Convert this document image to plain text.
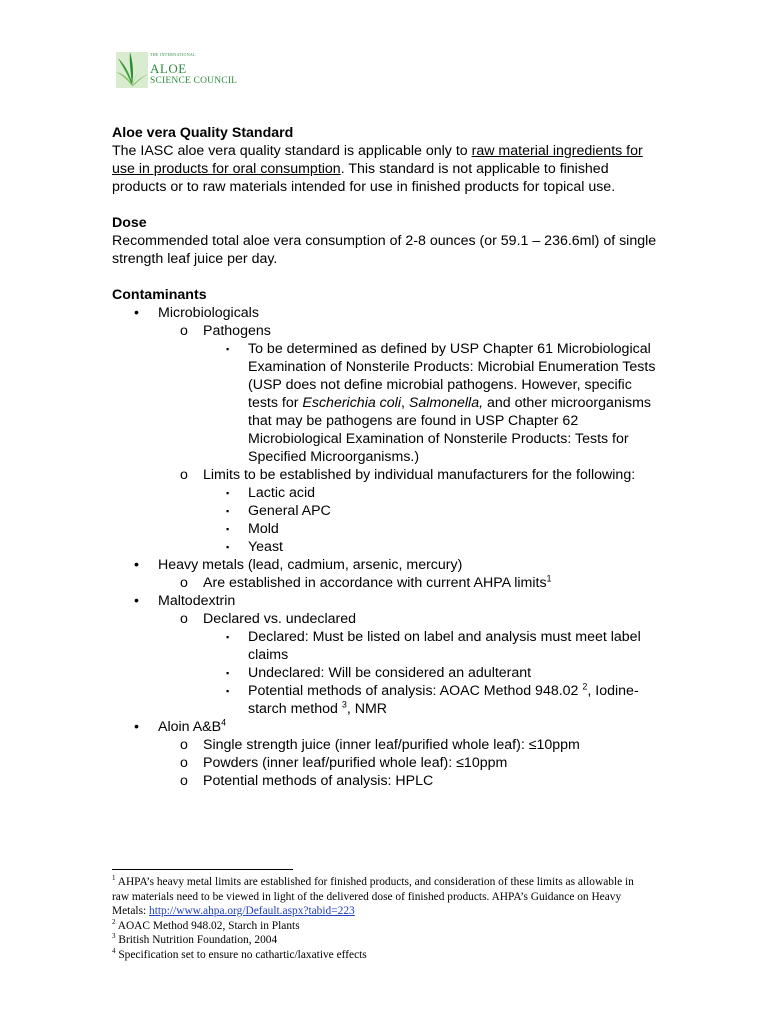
THE INTERNATIONAL
ALOE
SCIENCE COUNCIL

Aloe vera Quality Standard

The IASC aloe vera quality standard is applicable only to raw material ingredients for use in products for oral consumption. This standard is not applicable to finished products or to raw materials intended for use in finished products for topical use.

Dose

Recommended total aloe vera consumption of 2-8 ounces (or 59.1 – 236.6ml) of single strength leaf juice per day.

Contaminants

• Microbiologicals
o Pathogens
▪ To be determined as defined by USP Chapter 61 Microbiological Examination of Nonsterile Products: Microbial Enumeration Tests (USP does not define microbial pathogens. However, specific tests for Escherichia coli, Salmonella, and other microorganisms that may be pathogens are found in USP Chapter 62 Microbiological Examination of Nonsterile Products: Tests for Specified Microorganisms.)
o Limits to be established by individual manufacturers for the following:
▪ Lactic acid
▪ General APC
▪ Mold
▪ Yeast
• Heavy metals (lead, cadmium, arsenic, mercury)
o Are established in accordance with current AHPA limits$^1$
• Maltodextrin
o Declared vs. undeclared
▪ Declared: Must be listed on label and analysis must meet label claims
▪ Undeclared: Will be considered an adulterant
▪ Potential methods of analysis: AOAC Method 948.02 $^2$, Iodine-starch method $^3$, NMR
• Aloin $A\&B^4$
o Single strength juice (inner leaf/purified whole leaf): ≤10ppm
o Powders (inner leaf/purified whole leaf): ≤10ppm
o Potential methods of analysis: HPLC

$^1$ AHPA’s heavy metal limits are established for finished products, and consideration of these limits as allowable in raw materials need to be viewed in light of the delivered dose of finished products. AHPA’s Guidance on Heavy Metals: http://www.ahpa.org/Default.aspx?tabid=223

$^2$ AOAC Method 948.02, Starch in Plants

$^3$ British Nutrition Foundation, 2004

$^4$ Specification set to ensure no cathartic/laxative effects
